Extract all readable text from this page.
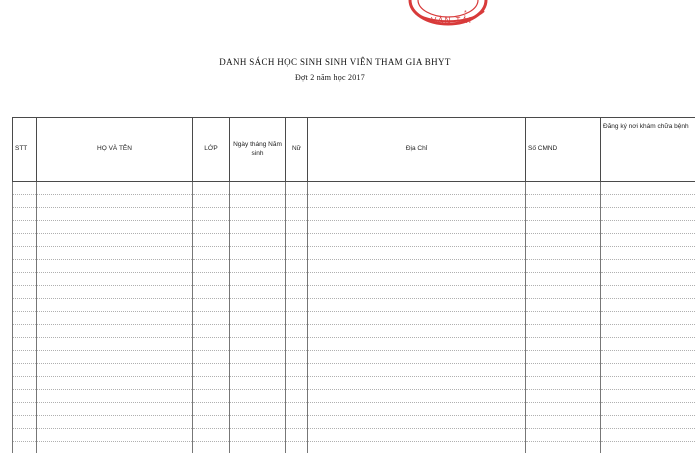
VẬN TẢI
*
DANH SÁCH HỌC SINH SINH VIÊN THAM GIA BHYT
Đợt 2 năm học 2017
STT	HỌ VÀ TÊN	LỚP	Ngày tháng Năm sinh	Nữ	Địa Chỉ	Số CMND	Đăng ký nơi khám chữa bệnh
